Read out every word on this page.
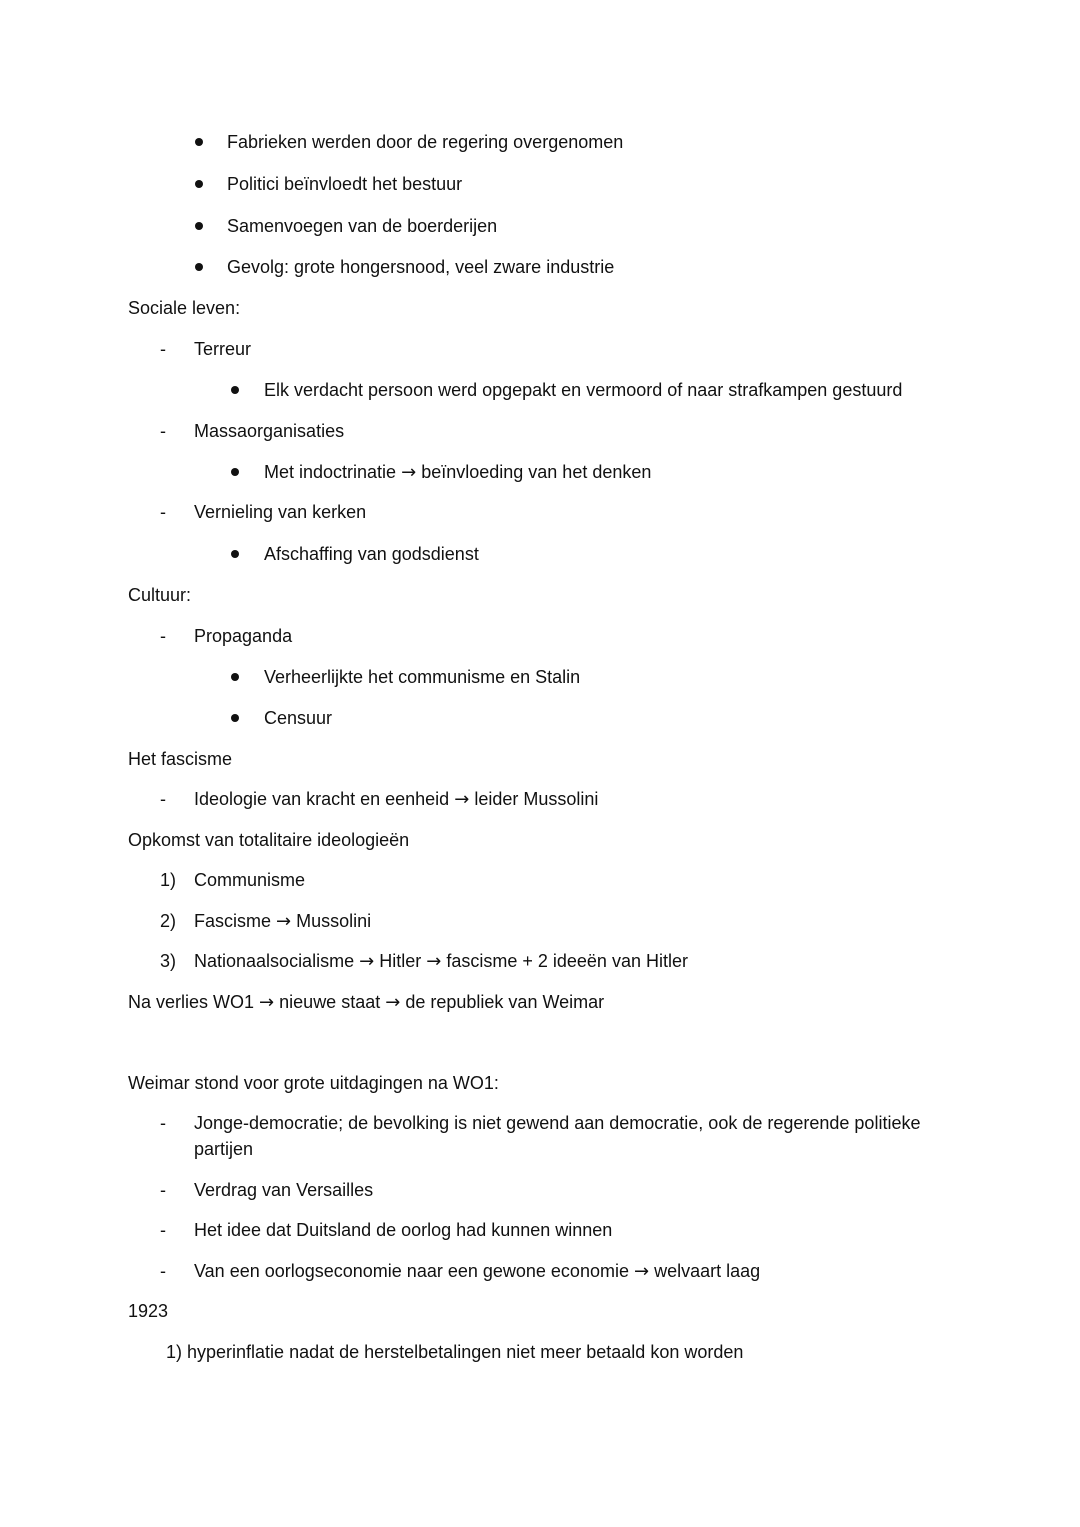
Fabrieken werden door de regering overgenomen
Politici beïnvloedt het bestuur
Samenvoegen van de boerderijen
Gevolg: grote hongersnood, veel zware industrie
Sociale leven:
- Terreur
Elk verdacht persoon werd opgepakt en vermoord of naar strafkampen gestuurd
- Massaorganisaties
Met indoctrinatie → beïnvloeding van het denken
- Vernieling van kerken
Afschaffing van godsdienst
Cultuur:
- Propaganda
Verheerlijkte het communisme en Stalin
Censuur
Het fascisme
- Ideologie van kracht en eenheid → leider Mussolini
Opkomst van totalitaire ideologieën
1) Communisme
2) Fascisme → Mussolini
3) Nationaalsocialisme → Hitler → fascisme + 2 ideeën van Hitler
Na verlies WO1 → nieuwe staat → de republiek van Weimar
Weimar stond voor grote uitdagingen na WO1:
- Jonge-democratie; de bevolking is niet gewend aan democratie, ook de regerende politieke partijen
- Verdrag van Versailles
- Het idee dat Duitsland de oorlog had kunnen winnen
- Van een oorlogseconomie naar een gewone economie → welvaart laag
1923
1) hyperinflatie nadat de herstelbetalingen niet meer betaald kon worden
